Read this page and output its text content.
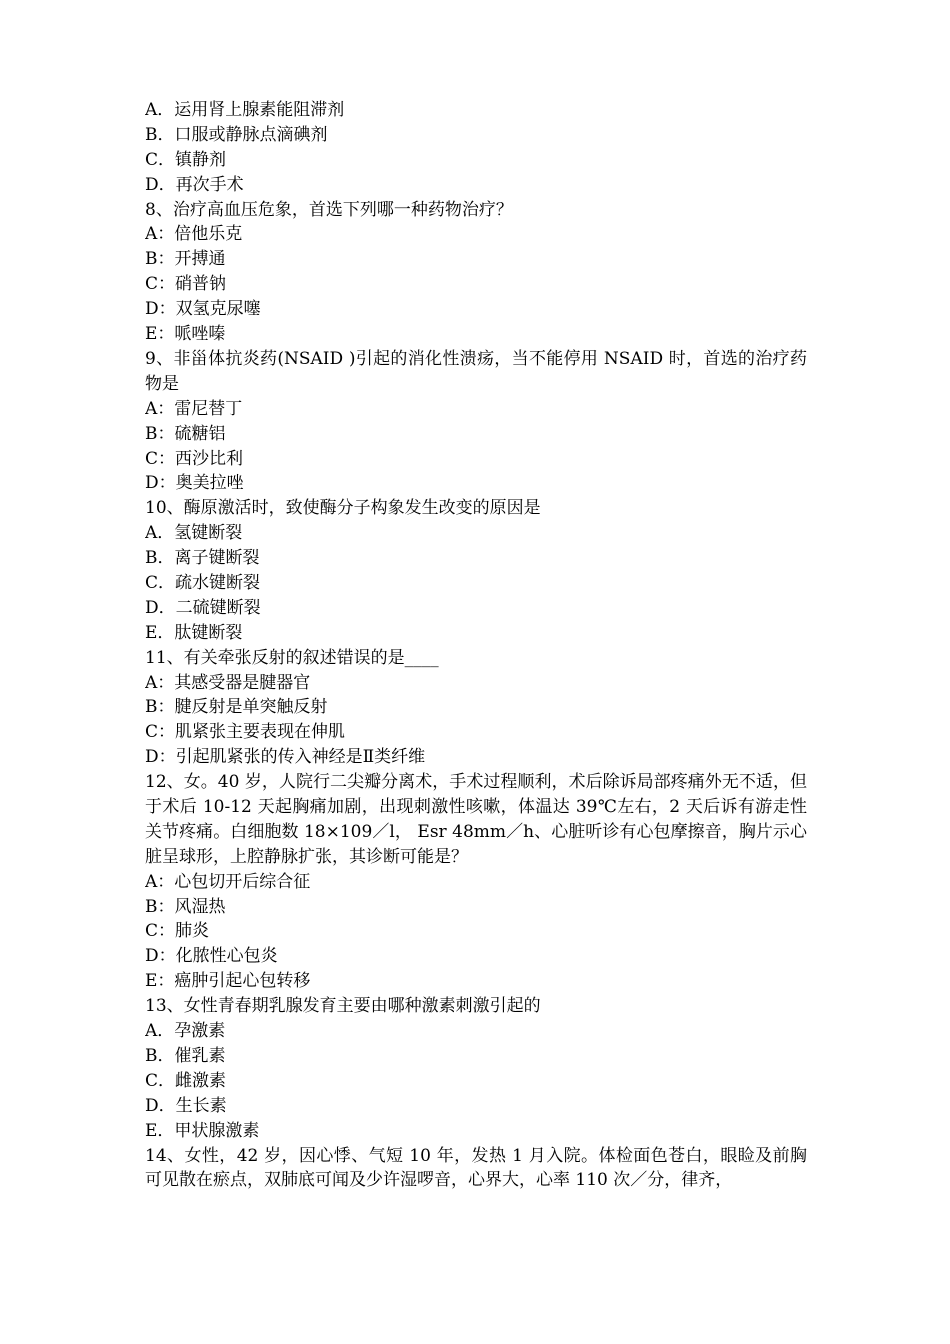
A．运用肾上腺素能阻滞剂
B．口服或静脉点滴碘剂
C．镇静剂
D．再次手术
8、治疗高血压危象，首选下列哪一种药物治疗？
A：倍他乐克
B：开搏通
C：硝普钠
D：双氢克尿噻
E：哌唑嗪
9、非甾体抗炎药(NSAID )引起的消化性溃疡，当不能停用 NSAID 时，首选的治疗药物是
A：雷尼替丁
B：硫糖铝
C：西沙比利
D：奥美拉唑
10、酶原激活时，致使酶分子构象发生改变的原因是
A．氢键断裂
B．离子键断裂
C．疏水键断裂
D．二硫键断裂
E．肽键断裂
11、有关牵张反射的叙述错误的是____
A：其感受器是腱器官
B：腱反射是单突触反射
C：肌紧张主要表现在伸肌
D：引起肌紧张的传入神经是Ⅱ类纤维
12、女。40 岁，人院行二尖瓣分离术，手术过程顺利，术后除诉局部疼痛外无不适，但于术后 10-12 天起胸痛加剧，出现刺激性咳嗽，体温达 39℃左右，2 天后诉有游走性关节疼痛。白细胞数 18×109／l， Esr 48mm／h、心脏听诊有心包摩擦音，胸片示心脏呈球形，上腔静脉扩张，其诊断可能是？
A：心包切开后综合征
B：风湿热
C：肺炎
D：化脓性心包炎
E：癌肿引起心包转移
13、女性青春期乳腺发育主要由哪种激素刺激引起的
A．孕激素
B．催乳素
C．雌激素
D．生长素
E．甲状腺激素
14、女性，42 岁，因心悸、气短 10 年，发热 1 月入院。体检面色苍白，眼睑及前胸可见散在瘀点，双肺底可闻及少许湿啰音，心界大，心率 110 次／分，律齐，
